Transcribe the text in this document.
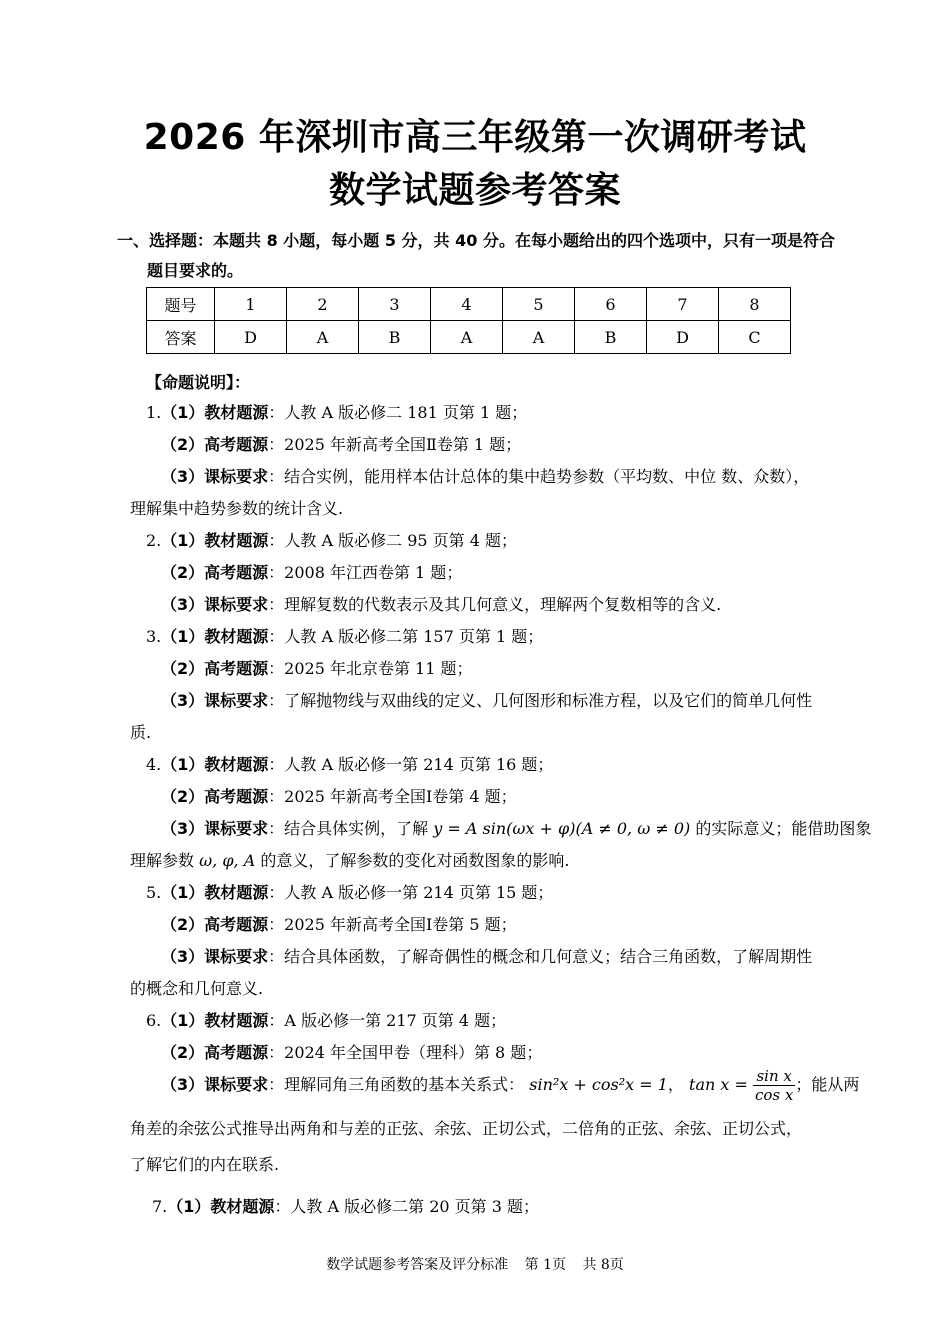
2026 年深圳市高三年级第一次调研考试
数学试题参考答案
一、选择题：本题共 8 小题，每小题 5 分，共 40 分。在每小题给出的四个选项中，只有一项是符合
题目要求的。
题号	1	2	3	4	5	6	7	8
答案	D	A	B	A	A	B	D	C
【命题说明】：
1.（1）教材题源：人教 A 版必修二 181 页第 1 题；
（2）高考题源：2025 年新高考全国Ⅱ卷第 1 题；
（3）课标要求：结合实例，能用样本估计总体的集中趋势参数（平均数、中位 数、众数），
理解集中趋势参数的统计含义.
2.（1）教材题源：人教 A 版必修二 95 页第 4 题；
（2）高考题源：2008 年江西卷第 1 题；
（3）课标要求：理解复数的代数表示及其几何意义，理解两个复数相等的含义.
3.（1）教材题源：人教 A 版必修二第 157 页第 1 题；
（2）高考题源：2025 年北京卷第 11 题；
（3）课标要求：了解抛物线与双曲线的定义、几何图形和标准方程，以及它们的简单几何性
质.
4.（1）教材题源：人教 A 版必修一第 214 页第 16 题；
（2）高考题源：2025 年新高考全国Ⅰ卷第 4 题；
（3）课标要求：结合具体实例，了解 y = A sin(ωx + φ)(A ≠ 0, ω ≠ 0) 的实际意义；能借助图象
理解参数 ω, φ, A 的意义，了解参数的变化对函数图象的影响.
5.（1）教材题源：人教 A 版必修一第 214 页第 15 题；
（2）高考题源：2025 年新高考全国Ⅰ卷第 5 题；
（3）课标要求：结合具体函数，了解奇偶性的概念和几何意义；结合三角函数，了解周期性
的概念和几何意义.
6.（1）教材题源：A 版必修一第 217 页第 4 题；
（2）高考题源：2024 年全国甲卷（理科）第 8 题；
（3）课标要求：理解同角三角函数的基本关系式： sin²x + cos²x = 1， $\tan x = \frac{\text{sin x}}{\text{cos x}}$ ；能从两
角差的余弦公式推导出两角和与差的正弦、余弦、正切公式，二倍角的正弦、余弦、正切公式，
了解它们的内在联系.
7.（1）教材题源：人教 A 版必修二第 20 页第 3 题；
数学试题参考答案及评分标准 第 1页 共 8页
